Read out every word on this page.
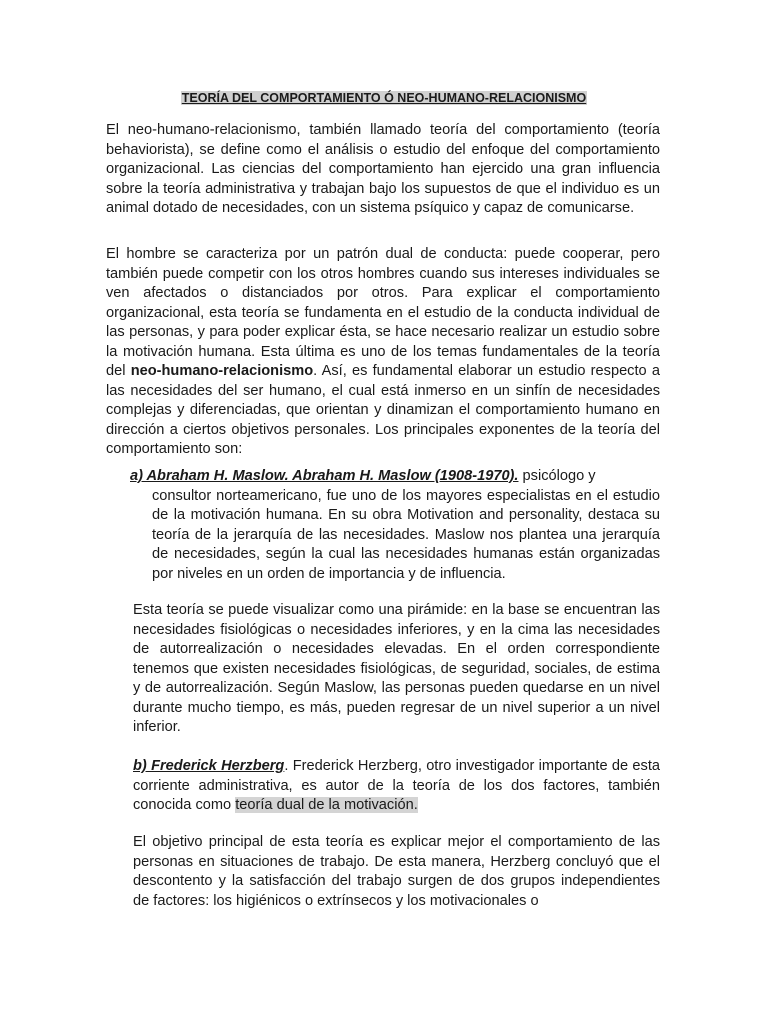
TEORÍA DEL COMPORTAMIENTO Ó NEO-HUMANO-RELACIONISMO

El neo-humano-relacionismo, también llamado teoría del comportamiento (teoría behaviorista), se define como el análisis o estudio del enfoque del comportamiento organizacional. Las ciencias del comportamiento han ejercido una gran influencia sobre la teoría administrativa y trabajan bajo los supuestos de que el individuo es un animal dotado de necesidades, con un sistema psíquico y capaz de comunicarse.

El hombre se caracteriza por un patrón dual de conducta: puede cooperar, pero también puede competir con los otros hombres cuando sus intereses individuales se ven afectados o distanciados por otros. Para explicar el comportamiento organizacional, esta teoría se fundamenta en el estudio de la conducta individual de las personas, y para poder explicar ésta, se hace necesario realizar un estudio sobre la motivación humana. Esta última es uno de los temas fundamentales de la teoría del neo-humano-relacionismo. Así, es fundamental elaborar un estudio respecto a las necesidades del ser humano, el cual está inmerso en un sinfín de necesidades complejas y diferenciadas, que orientan y dinamizan el comportamiento humano en dirección a ciertos objetivos personales. Los principales exponentes de la teoría del comportamiento son:

a) Abraham H. Maslow. Abraham H. Maslow (1908-1970). psicólogo y
consultor norteamericano, fue uno de los mayores especialistas en el estudio de la motivación humana. En su obra Motivation and personality, destaca su teoría de la jerarquía de las necesidades. Maslow nos plantea una jerarquía de necesidades, según la cual las necesidades humanas están organizadas por niveles en un orden de importancia y de influencia.

Esta teoría se puede visualizar como una pirámide: en la base se encuentran las necesidades fisiológicas o necesidades inferiores, y en la cima las necesidades de autorrealización o necesidades elevadas. En el orden correspondiente tenemos que existen necesidades fisiológicas, de seguridad, sociales, de estima y de autorrealización. Según Maslow, las personas pueden quedarse en un nivel durante mucho tiempo, es más, pueden regresar de un nivel superior a un nivel inferior.

b) Frederick Herzberg. Frederick Herzberg, otro investigador importante de esta corriente administrativa, es autor de la teoría de los dos factores, también conocida como teoría dual de la motivación.

El objetivo principal de esta teoría es explicar mejor el comportamiento de las personas en situaciones de trabajo. De esta manera, Herzberg concluyó que el descontento y la satisfacción del trabajo surgen de dos grupos independientes de factores: los higiénicos o extrínsecos y los motivacionales o
